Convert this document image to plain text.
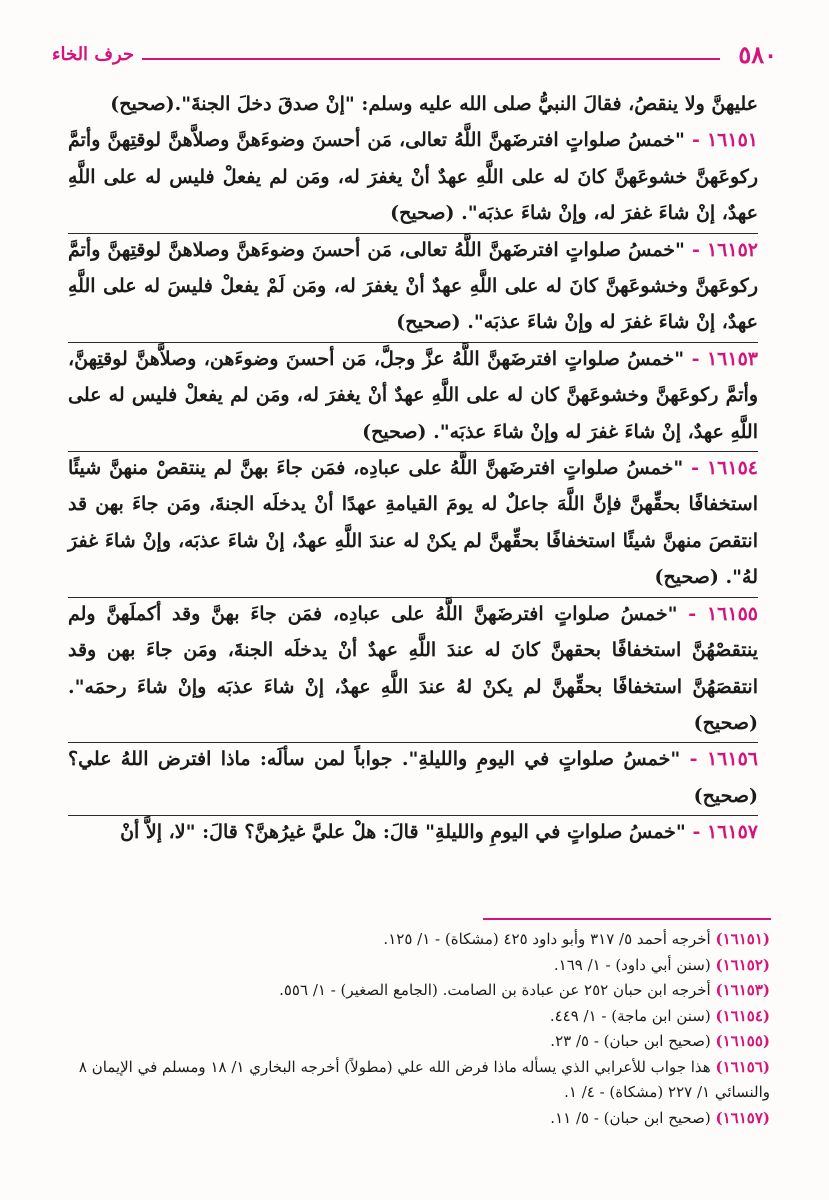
٥٨٠
حرف الخاء

عليهنَّ ولا ينقصُ، فقالَ النبيُّ صلى الله عليه وسلم: "إنْ صدقَ دخلَ الجنةَ".(صحيح)

١٦١٥١ - "خمسُ صلواتٍ افترضَهنَّ اللَّهُ تعالى، مَن أحسنَ وضوءَهنَّ وصلاَّهنَّ لوقتِهنَّ وأتمَّ ركوعَهنَّ خشوعَهنَّ كانَ له على اللَّهِ عهدٌ أنْ يغفرَ له، ومَن لم يفعلْ فليس له على اللَّهِ عهدٌ، إنْ شاءَ غفرَ له، وإنْ شاءَ عذبَه". (صحيح)

١٦١٥٢ - "خمسُ صلواتٍ افترضَهنَّ اللَّهُ تعالى، مَن أحسنَ وضوءَهنَّ وصلاهنَّ لوقتِهنَّ وأتمَّ ركوعَهنَّ وخشوعَهنَّ كانَ له على اللَّهِ عهدٌ أنْ يغفرَ له، ومَن لَمْ يفعلْ فليسَ له على اللَّهِ عهدٌ، إنْ شاءَ غفرَ له وإنْ شاءَ عذبَه". (صحيح)

١٦١٥٣ - "خمسُ صلواتٍ افترضَهنَّ اللَّهُ عزَّ وجلَّ، مَن أحسنَ وضوءَهن، وصلاَّهنَّ لوقتِهنَّ، وأتمَّ ركوعَهنَّ وخشوعَهنَّ كان له على اللَّهِ عهدٌ أنْ يغفرَ له، ومَن لم يفعلْ فليس له على اللَّهِ عهدٌ، إنْ شاءَ غفرَ له وإنْ شاءَ عذبَه". (صحيح)

١٦١٥٤ - "خمسُ صلواتٍ افترضَهنَّ اللَّهُ على عبادِه، فمَن جاءَ بهنَّ لم ينتقصْ منهنَّ شيئًا استخفافًا بحقِّهنَّ فإنَّ اللَّهَ جاعلٌ له يومَ القيامةِ عهدًا أنْ يدخلَه الجنةَ، ومَن جاءَ بهن قد انتقصَ منهنَّ شيئًا استخفافًا بحقِّهنَّ لم يكنْ له عندَ اللَّهِ عهدٌ، إنْ شاءَ عذبَه، وإنْ شاءَ غفرَ لهُ". (صحيح)

١٦١٥٥ - "خمسُ صلواتٍ افترضَهنَّ اللَّهُ على عبادِه، فمَن جاءَ بهنَّ وقد أكملَهنَّ ولم ينتقصْهُنَّ استخفافًا بحقهنَّ كانَ له عندَ اللَّهِ عهدٌ أنْ يدخلَه الجنةَ، ومَن جاءَ بهن وقد انتقصَهُنَّ استخفافًا بحقِّهنَّ لم يكنْ لهُ عندَ اللَّهِ عهدٌ، إنْ شاءَ عذبَه وإنْ شاءَ رحمَه". (صحيح)

١٦١٥٦ - "خمسُ صلواتٍ في اليومِ والليلةِ". جواباً لمن سألَه: ماذا افترض اللهُ علي؟ (صحيح)

١٦١٥٧ - "خمسُ صلواتٍ في اليومِ والليلةِ" قالَ: هلْ عليَّ غيرُهنَّ؟ قالَ: "لا، إلاَّ أنْ

(١٦١٥١) أخرجه أحمد ٥/ ٣١٧ وأبو داود ٤٢٥ (مشكاة) - ١/ ١٢٥.

(١٦١٥٢) (سنن أبي داود) - ١/ ١٦٩.

(١٦١٥٣) أخرجه ابن حبان ٢٥٢ عن عبادة بن الصامت. (الجامع الصغير) - ١/ ٥٥٦.

(١٦١٥٤) (سنن ابن ماجة) - ١/ ٤٤٩.

(١٦١٥٥) (صحيح ابن حبان) - ٥/ ٢٣.

(١٦١٥٦) هذا جواب للأعرابي الذي يسأله ماذا فرض الله علي (مطولاً) أخرجه البخاري ١/ ١٨ ومسلم في الإيمان ٨ والنسائي ١/ ٢٢٧ (مشكاة) - ٤/ ١.

(١٦١٥٧) (صحيح ابن حبان) - ٥/ ١١.
